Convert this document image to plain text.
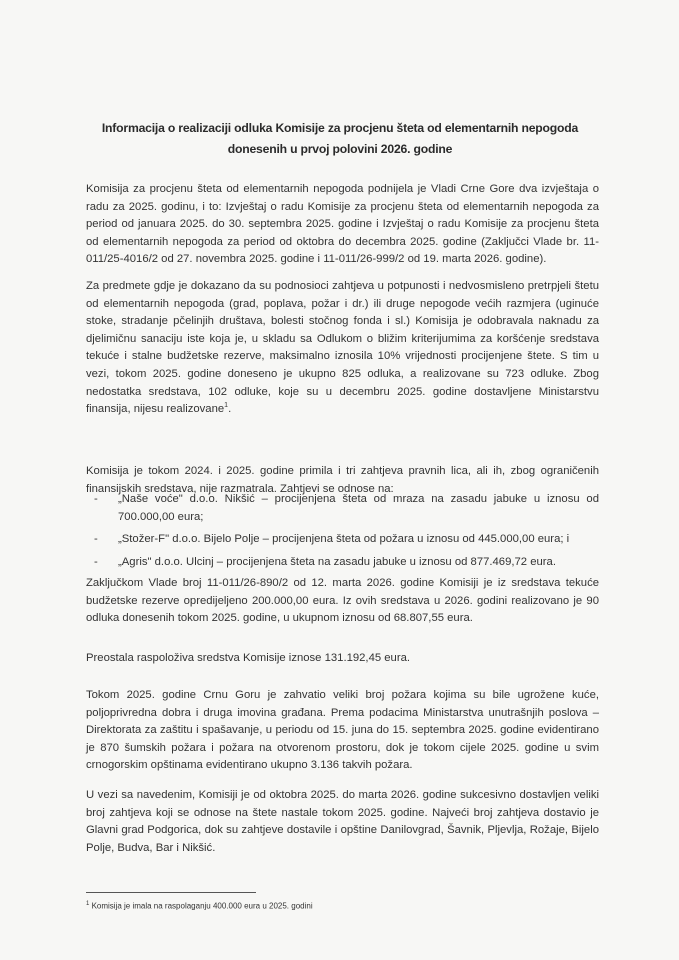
Informacija o realizaciji odluka Komisije za procjenu šteta od elementarnih nepogoda
donesenih u prvoj polovini 2026. godine
Komisija za procjenu šteta od elementarnih nepogoda podnijela je Vladi Crne Gore dva izvještaja o radu za 2025. godinu, i to: Izvještaj o radu Komisije za procjenu šteta od elementarnih nepogoda za period od januara 2025. do 30. septembra 2025. godine i Izvještaj o radu Komisije za procjenu šteta od elementarnih nepogoda za period od oktobra do decembra 2025. godine (Zaključci Vlade br. 11-011/25-4016/2 od 27. novembra 2025. godine i 11-011/26-999/2 od 19. marta 2026. godine).
Za predmete gdje je dokazano da su podnosioci zahtjeva u potpunosti i nedvosmisleno pretrpjeli štetu od elementarnih nepogoda (grad, poplava, požar i dr.) ili druge nepogode većih razmjera (uginuće stoke, stradanje pčelinjih društava, bolesti stočnog fonda i sl.) Komisija je odobravala naknadu za djelimičnu sanaciju iste koja je, u skladu sa Odlukom o bližim kriterijumima za koršćenje sredstava tekuće i stalne budžetske rezerve, maksimalno iznosila 10% vrijednosti procijenjene štete. S tim u vezi, tokom 2025. godine doneseno je ukupno 825 odluka, a realizovane su 723 odluke. Zbog nedostatka sredstava, 102 odluke, koje su u decembru 2025. godine dostavljene Ministarstvu finansija, nijesu realizovane$^1$.
Komisija je tokom 2024. i 2025. godine primila i tri zahtjeva pravnih lica, ali ih, zbog ograničenih finansijskih sredstava, nije razmatrala. Zahtjevi se odnose na:
- „Naše voće" d.o.o. Nikšić – procijenjena šteta od mraza na zasadu jabuke u iznosu od 700.000,00 eura;
- „Stožer-F" d.o.o. Bijelo Polje – procijenjena šteta od požara u iznosu od 445.000,00 eura; i
- „Agris" d.o.o. Ulcinj – procijenjena šteta na zasadu jabuke u iznosu od 877.469,72 eura.
Zaključkom Vlade broj 11-011/26-890/2 od 12. marta 2026. godine Komisiji je iz sredstava tekuće budžetske rezerve opredijeljeno 200.000,00 eura. Iz ovih sredstava u 2026. godini realizovano je 90 odluka donesenih tokom 2025. godine, u ukupnom iznosu od 68.807,55 eura.
Preostala raspoloživa sredstva Komisije iznose 131.192,45 eura.
Tokom 2025. godine Crnu Goru je zahvatio veliki broj požara kojima su bile ugrožene kuće, poljoprivredna dobra i druga imovina građana. Prema podacima Ministarstva unutrašnjih poslova – Direktorata za zaštitu i spašavanje, u periodu od 15. juna do 15. septembra 2025. godine evidentirano je 870 šumskih požara i požara na otvorenom prostoru, dok je tokom cijele 2025. godine u svim crnogorskim opštinama evidentirano ukupno 3.136 takvih požara.
U vezi sa navedenim, Komisiji je od oktobra 2025. do marta 2026. godine sukcesivno dostavljen veliki broj zahtjeva koji se odnose na štete nastale tokom 2025. godine. Najveći broj zahtjeva dostavio je Glavni grad Podgorica, dok su zahtjeve dostavile i opštine Danilovgrad, Šavnik, Pljevlja, Rožaje, Bijelo Polje, Budva, Bar i Nikšić.
$^1$ Komisija je imala na raspolaganju 400.000 eura u 2025. godini
